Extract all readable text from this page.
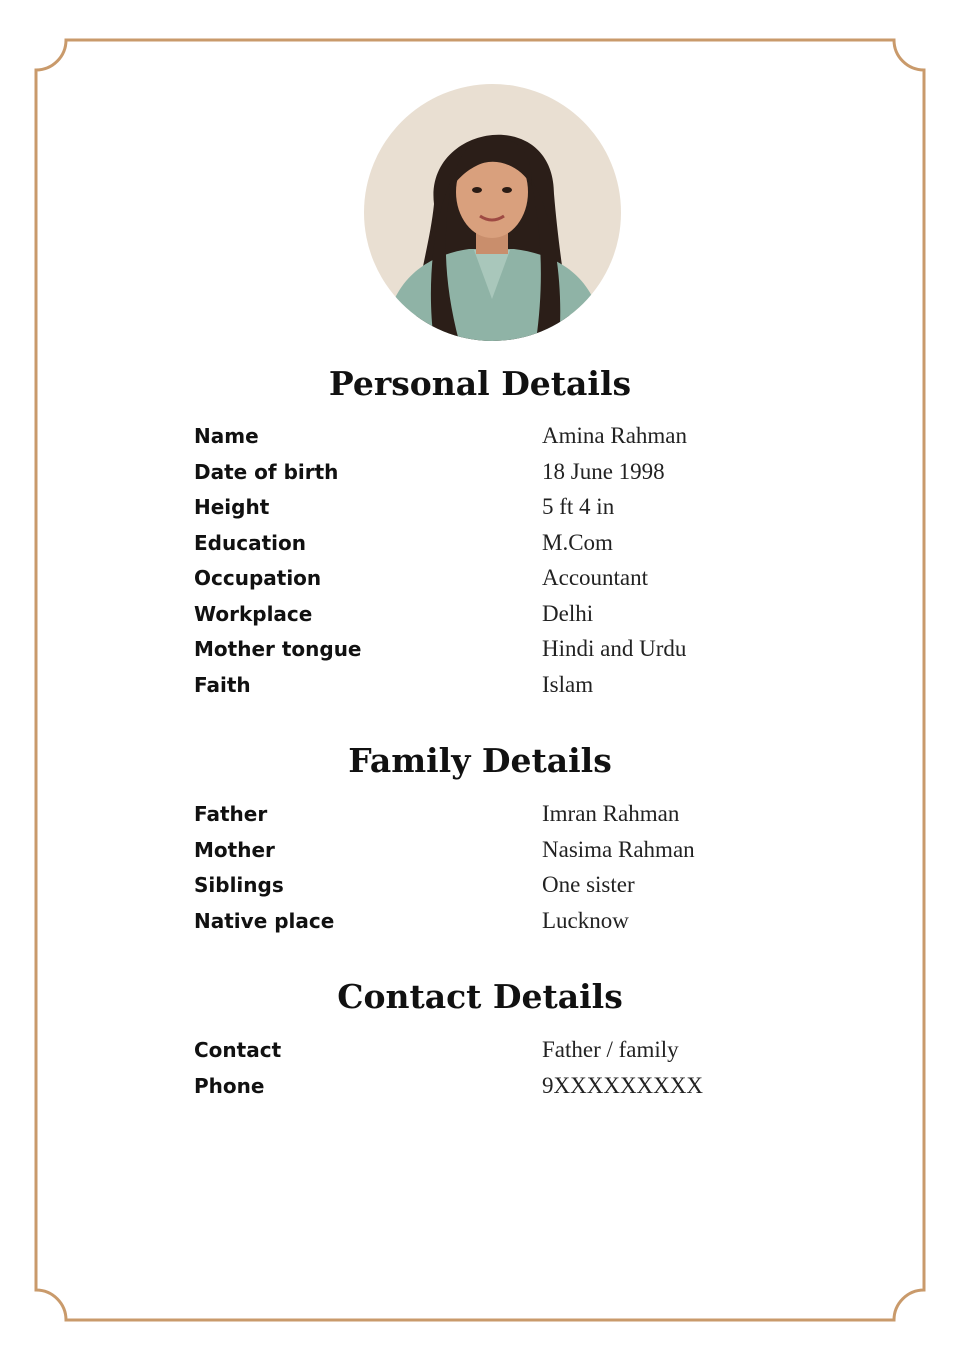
Personal Details
Name	Amina Rahman
Date of birth	18 June 1998
Height	5 ft 4 in
Education	M.Com
Occupation	Accountant
Workplace	Delhi
Mother tongue	Hindi and Urdu
Faith	Islam
Family Details
Father	Imran Rahman
Mother	Nasima Rahman
Siblings	One sister
Native place	Lucknow
Contact Details
Contact	Father / family
Phone	9XXXXXXXXX
